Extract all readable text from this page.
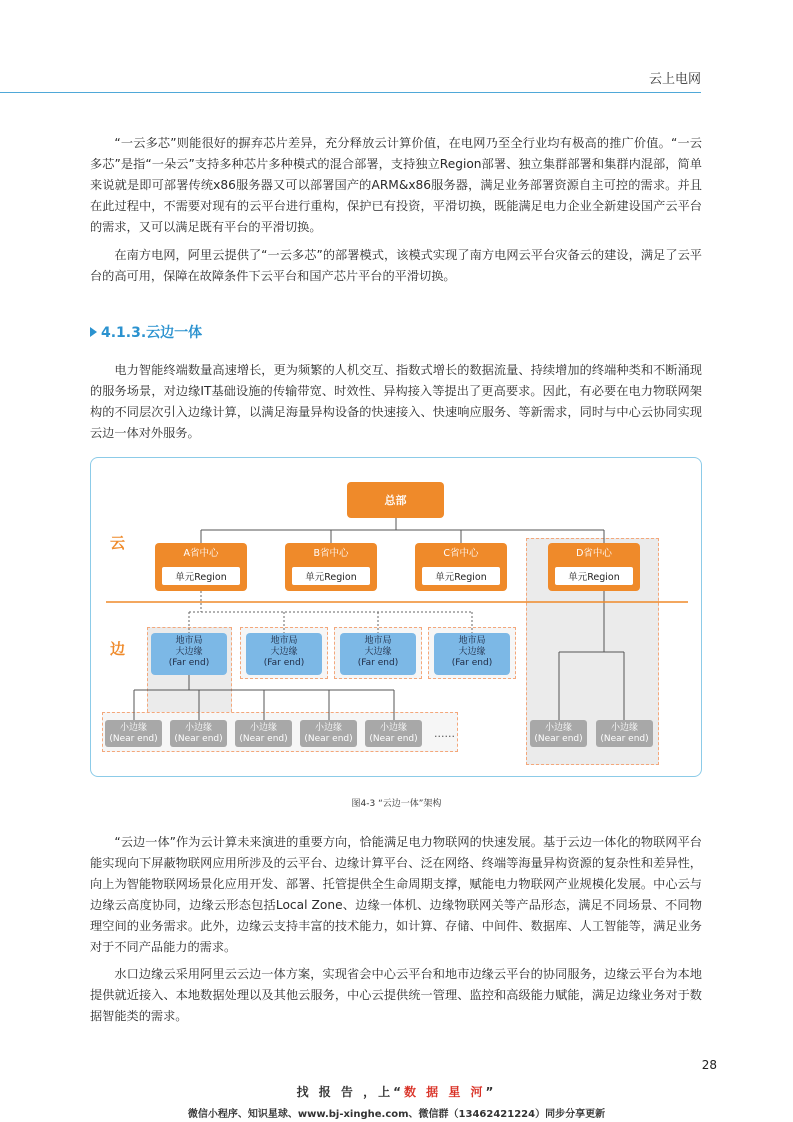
云上电网

“一云多芯”则能很好的摒弃芯片差异，充分释放云计算价值，在电网乃至全行业均有极高的推广价值。“一云多芯”是指“一朵云”支持多种芯片多种模式的混合部署，支持独立Region部署、独立集群部署和集群内混部，简单来说就是即可部署传统x86服务器又可以部署国产的ARM&x86服务器，满足业务部署资源自主可控的需求。并且在此过程中，不需要对现有的云平台进行重构，保护已有投资，平滑切换，既能满足电力企业全新建设国产云平台的需求，又可以满足既有平台的平滑切换。

在南方电网，阿里云提供了“一云多芯”的部署模式，该模式实现了南方电网云平台灾备云的建设，满足了云平台的高可用，保障在故障条件下云平台和国产芯片平台的平滑切换。

4.1.3.云边一体

电力智能终端数量高速增长，更为频繁的人机交互、指数式增长的数据流量、持续增加的终端种类和不断涌现的服务场景，对边缘IT基础设施的传输带宽、时效性、异构接入等提出了更高要求。因此，有必要在电力物联网架构的不同层次引入边缘计算，以满足海量异构设备的快速接入、快速响应服务、等新需求，同时与中心云协同实现云边一体对外服务。

云
边
总部
A省中心
单元Region
B省中心
单元Region
C省中心
单元Region
D省中心
单元Region
地市局
大边缘
(Far end)
地市局
大边缘
(Far end)
地市局
大边缘
(Far end)
地市局
大边缘
(Far end)
小边缘
(Near end)
小边缘
(Near end)
小边缘
(Near end)
小边缘
(Near end)
小边缘
(Near end)
小边缘
(Near end)
小边缘
(Near end)
......
图4-3 “云边一体”架构

“云边一体”作为云计算未来演进的重要方向，恰能满足电力物联网的快速发展。基于云边一体化的物联网平台能实现向下屏蔽物联网应用所涉及的云平台、边缘计算平台、泛在网络、终端等海量异构资源的复杂性和差异性，向上为智能物联网场景化应用开发、部署、托管提供全生命周期支撑，赋能电力物联网产业规模化发展。中心云与边缘云高度协同，边缘云形态包括Local Zone、边缘一体机、边缘物联网关等产品形态，满足不同场景、不同物理空间的业务需求。此外，边缘云支持丰富的技术能力，如计算、存储、中间件、数据库、人工智能等，满足业务对于不同产品能力的需求。

水口边缘云采用阿里云云边一体方案，实现省会中心云平台和地市边缘云平台的协同服务，边缘云平台为本地提供就近接入、本地数据处理以及其他云服务，中心云提供统一管理、监控和高级能力赋能，满足边缘业务对于数据智能类的需求。

28
找 报 告 ，上“数 据 星 河”
微信小程序、知识星球、www.bj-xinghe.com、微信群（13462421224）同步分享更新
